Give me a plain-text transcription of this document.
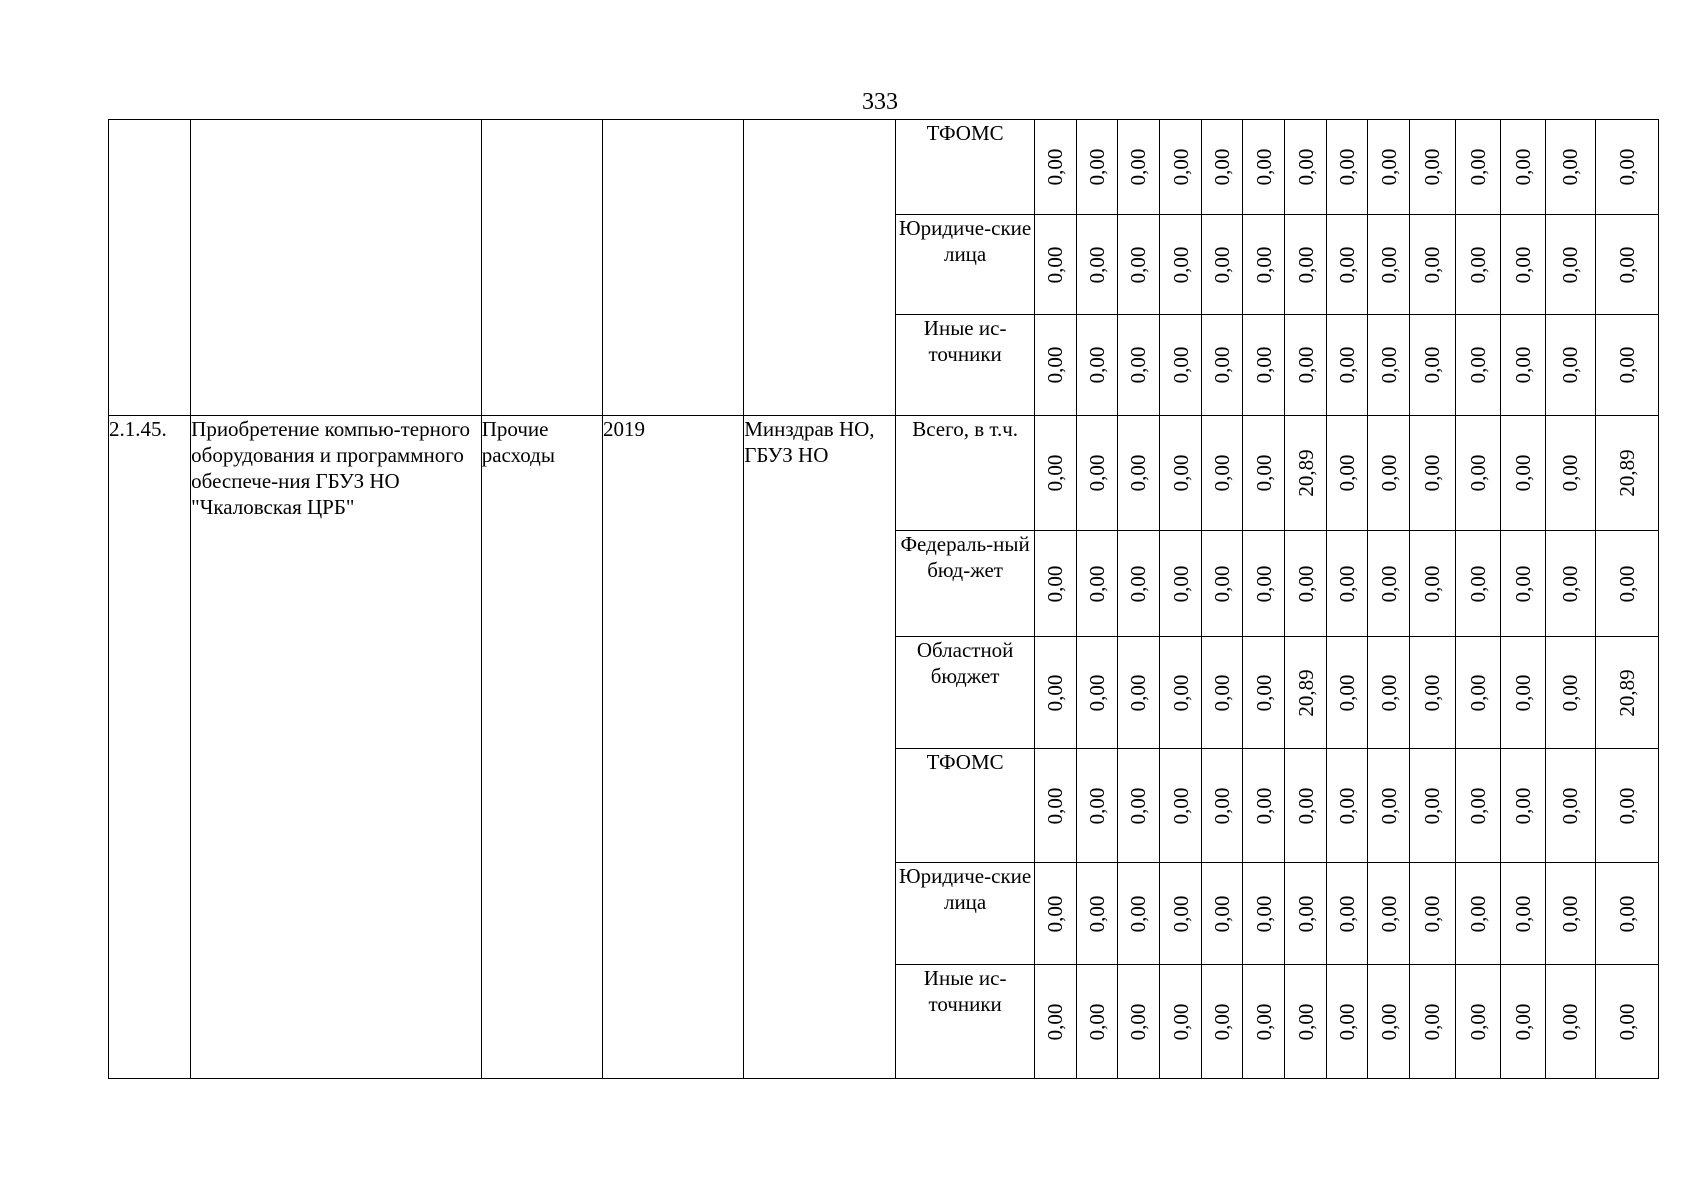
333
					ТФОМС	0,00	0,00	0,00	0,00	0,00	0,00	0,00	0,00	0,00	0,00	0,00	0,00	0,00	0,00

					Юридиче-ские лица	0,00	0,00	0,00	0,00	0,00	0,00	0,00	0,00	0,00	0,00	0,00	0,00	0,00	0,00

					Иные ис-точники	0,00	0,00	0,00	0,00	0,00	0,00	0,00	0,00	0,00	0,00	0,00	0,00	0,00	0,00

2.1.45.	Приобретение компью-терного оборудования и программного обеспече-ния ГБУЗ НО "Чкаловская ЦРБ"	Прочие расходы	2019	Минздрав НО, ГБУЗ НО	Всего, в т.ч.	0,00	0,00	0,00	0,00	0,00	0,00	20,89	0,00	0,00	0,00	0,00	0,00	0,00	20,89

					Федераль-ный бюд-жет	0,00	0,00	0,00	0,00	0,00	0,00	0,00	0,00	0,00	0,00	0,00	0,00	0,00	0,00

					Областной бюджет	0,00	0,00	0,00	0,00	0,00	0,00	20,89	0,00	0,00	0,00	0,00	0,00	0,00	20,89

					ТФОМС	0,00	0,00	0,00	0,00	0,00	0,00	0,00	0,00	0,00	0,00	0,00	0,00	0,00	0,00

					Юридиче-ские лица	0,00	0,00	0,00	0,00	0,00	0,00	0,00	0,00	0,00	0,00	0,00	0,00	0,00	0,00

					Иные ис-точники	0,00	0,00	0,00	0,00	0,00	0,00	0,00	0,00	0,00	0,00	0,00	0,00	0,00	0,00
